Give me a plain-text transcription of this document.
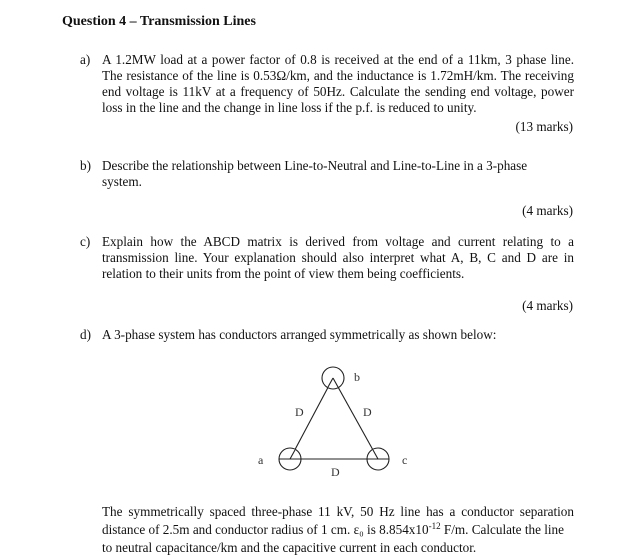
Question 4 – Transmission Lines
a) A 1.2MW load at a power factor of 0.8 is received at the end of a 11km, 3 phase line.
The resistance of the line is 0.53Ω/km, and the inductance is 1.72mH/km. The receiving
end voltage is 11kV at a frequency of 50Hz. Calculate the sending end voltage, power
loss in the line and the change in line loss if the p.f. is reduced to unity.
(13 marks)
b) Describe the relationship between Line-to-Neutral and Line-to-Line in a 3-phase
system.
(4 marks)
c) Explain how the ABCD matrix is derived from voltage and current relating to a
transmission line. Your explanation should also interpret what A, B, C and D are in
relation to their units from the point of view them being coefficients.
(4 marks)
d) A 3-phase system has conductors arranged symmetrically as shown below:
b
a	c
D	D
D
The symmetrically spaced three-phase 11 kV, 50 Hz line has a conductor separation
distance of 2.5m and conductor radius of 1 cm. ε₀ is $8.854x10^{-12}$ F/m. Calculate the line
to neutral capacitance/km and the capacitive current in each conductor.
